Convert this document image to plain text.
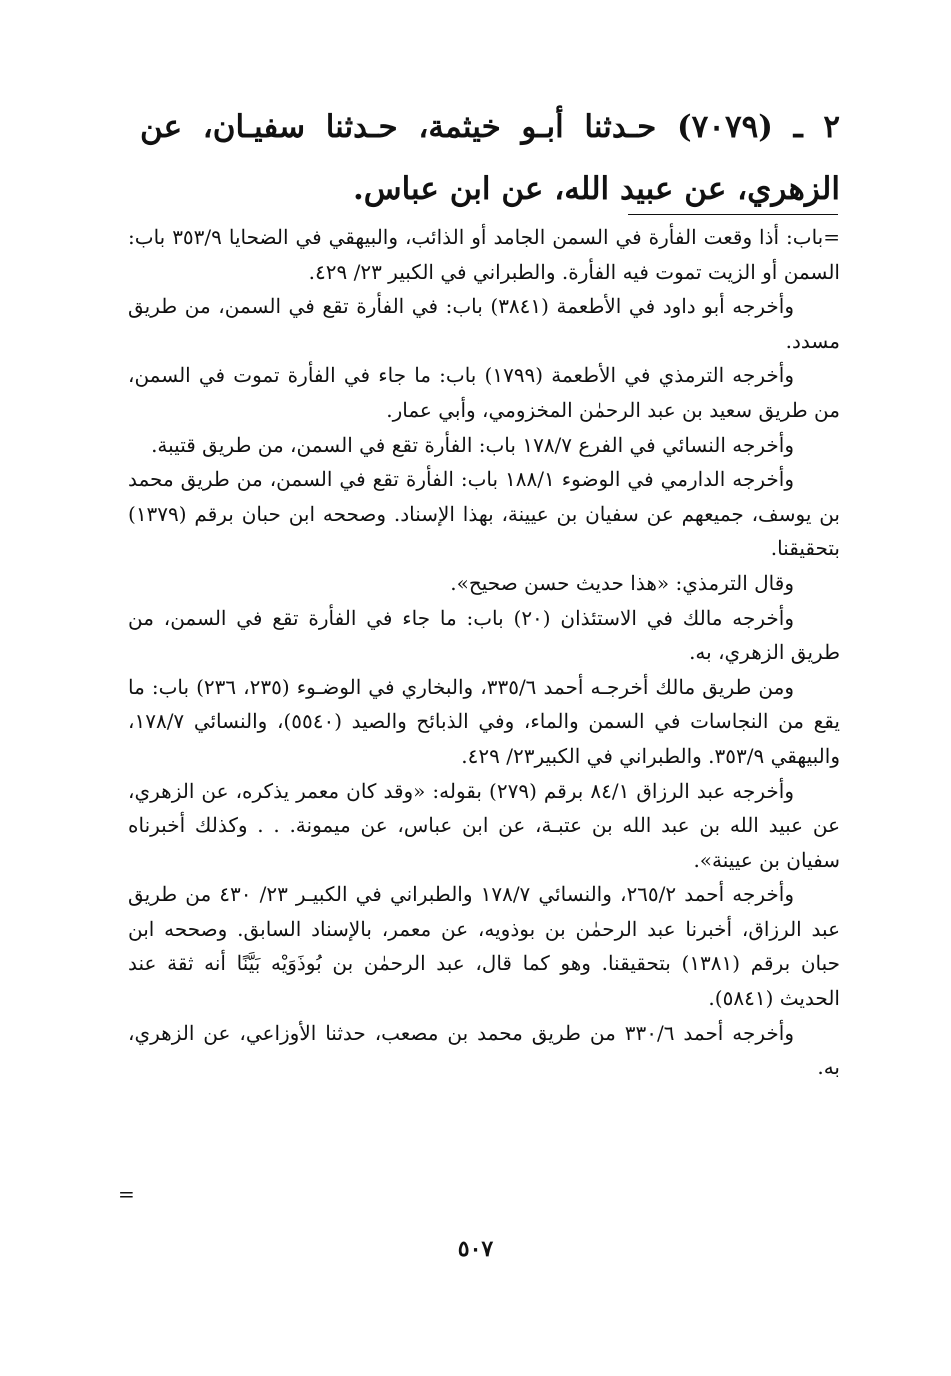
٢ ـ (٧٠٧٩) حـدثنا أبـو خيثمة، حـدثنا سفيـان، عن الزهري، عن عبيد الله، عن ابن عباس.

=باب: أذا وقعت الفأرة في السمن الجامد أو الذائب، والبيهقي في الضحايا ٣٥٣/٩ باب: السمن أو الزيت تموت فيه الفأرة. والطبراني في الكبير ٢٣/ ٤٢٩.

وأخرجه أبو داود في الأطعمة (٣٨٤١) باب: في الفأرة تقع في السمن، من طريق مسدد.

وأخرجه الترمذي في الأطعمة (١٧٩٩) باب: ما جاء في الفأرة تموت في السمن، من طريق سعيد بن عبد الرحمٰن المخزومي، وأبي عمار.

وأخرجه النسائي في الفرع ١٧٨/٧ باب: الفأرة تقع في السمن، من طريق قتيبة.

وأخرجه الدارمي في الوضوء ١٨٨/١ باب: الفأرة تقع في السمن، من طريق محمد بن يوسف، جميعهم عن سفيان بن عيينة، بهذا الإسناد. وصححه ابن حبان برقم (١٣٧٩) بتحقيقنا.

وقال الترمذي: «هذا حديث حسن صحيح».

وأخرجه مالك في الاستئذان (٢٠) باب: ما جاء في الفأرة تقع في السمن، من طريق الزهري، به.

ومن طريق مالك أخرجـه أحمد ٣٣٥/٦، والبخاري في الوضـوء (٢٣٥، ٢٣٦) باب: ما يقع من النجاسات في السمن والماء، وفي الذبائح والصيد (٥٥٤٠)، والنسائي ١٧٨/٧، والبيهقي ٣٥٣/٩. والطبراني في الكبير٢٣/ ٤٢٩.

وأخرجه عبد الرزاق ٨٤/١ برقم (٢٧٩) بقوله: «وقد كان معمر يذكره، عن الزهري، عن عبيد الله بن عبد الله بن عتبـة، عن ابن عباس، عن ميمونة. . . وكذلك أخبرناه سفيان بن عيينة».

وأخرجه أحمد ٢٦٥/٢، والنسائي ١٧٨/٧ والطبراني في الكبيـر ٢٣/ ٤٣٠ من طريق عبد الرزاق، أخبرنا عبد الرحمٰن بن بوذويه، عن معمر، بالإسناد السابق. وصححه ابن حبان برقم (١٣٨١) بتحقيقنا. وهو كما قال، عبد الرحمٰن بن بُوذَوَيْه بَيَّنًا أنه ثقة عند الحديث (٥٨٤١).

وأخرجه أحمد ٣٣٠/٦ من طريق محمد بن مصعب، حدثنا الأوزاعي، عن الزهري، به.

=
٥٠٧
